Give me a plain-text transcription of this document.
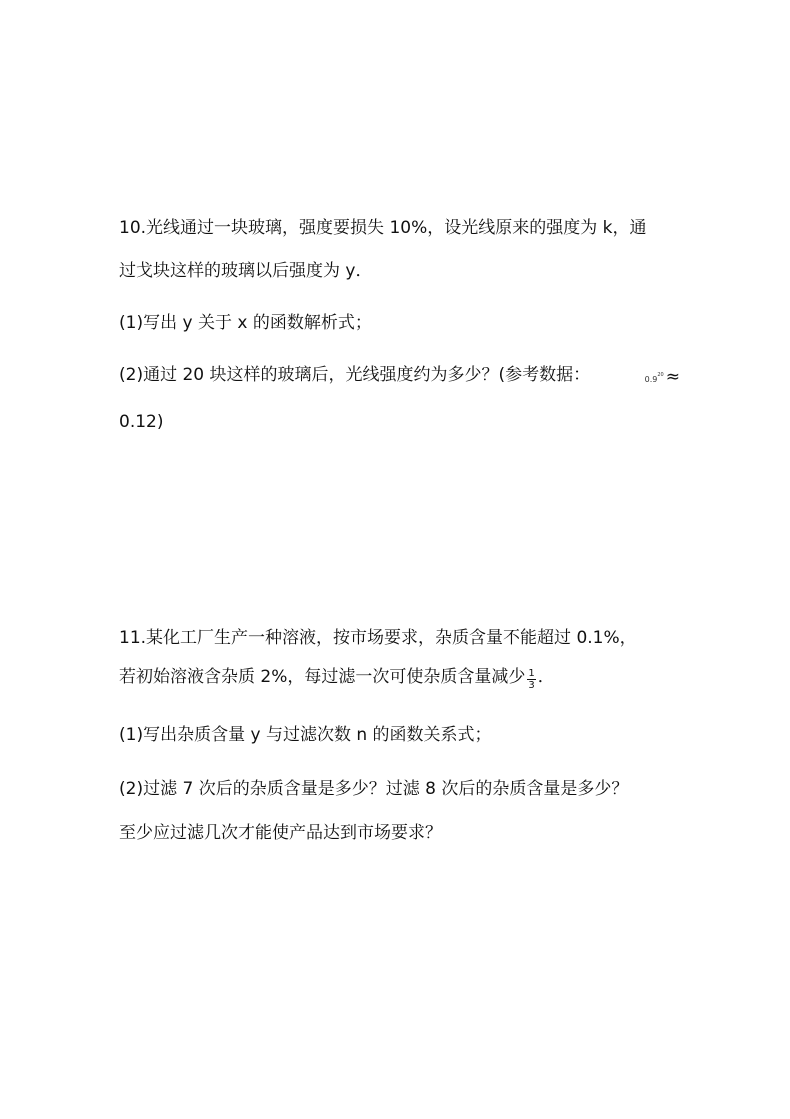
10.光线通过一块玻璃，强度要损失 10%，设光线原来的强度为 k，通
过戈块这样的玻璃以后强度为 y．
(1)写出 y 关于 x 的函数解析式；
(2)通过 20 块这样的玻璃后，光线强度约为多少？(参考数据：	$0.9^{20}$ ≈
0.12)
11.某化工厂生产一种溶液，按市场要求，杂质含量不能超过 0.1%，
若初始溶液含杂质 2%，每过滤一次可使杂质含量减少 $\frac{1}{3}$ ．
(1)写出杂质含量 y 与过滤次数 n 的函数关系式；
(2)过滤 7 次后的杂质含量是多少？过滤 8 次后的杂质含量是多少？
至少应过滤几次才能使产品达到市场要求？
